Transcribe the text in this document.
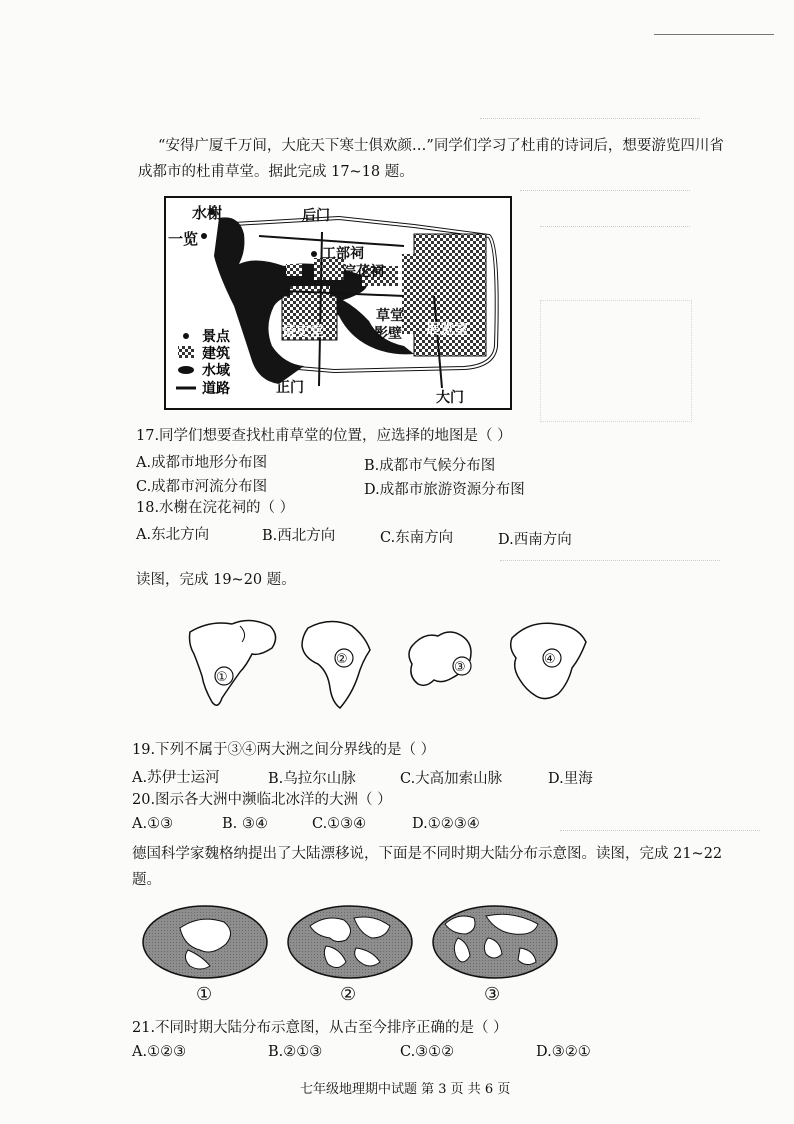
“安得广厦千万间，大庇天下寒士俱欢颜…”同学们学习了杜甫的诗词后，想要游览四川省
成都市的杜甫草堂。据此完成 17~18 题。
水榭	后门
一览
工部祠
浣花祠
诗史堂
草堂
影壁 展览室
正门
大门
景点
建筑
水域
道路
17.同学们想要查找杜甫草堂的位置，应选择的地图是（ ）
A.成都市地形分布图	B.成都市气候分布图
C.成都市河流分布图	D.成都市旅游资源分布图
18.水榭在浣花祠的（ ）
A.东北方向	B.西北方向	C.东南方向	D.西南方向
读图，完成 19~20 题。
①
②
③
④
19.下列不属于③④两大洲之间分界线的是（ ）
A.苏伊士运河	B.乌拉尔山脉	C.大高加索山脉	D.里海
20.图示各大洲中濒临北冰洋的大洲（ ）
A.①③	B. ③④	C.①③④	D.①②③④
德国科学家魏格纳提出了大陆漂移说，下面是不同时期大陆分布示意图。读图，完成 21~22
题。
①	②	③
21.不同时期大陆分布示意图，从古至今排序正确的是（ ）
A.①②③	B.②①③	C.③①②	D.③②①
七年级地理期中试题 第 3 页 共 6 页
